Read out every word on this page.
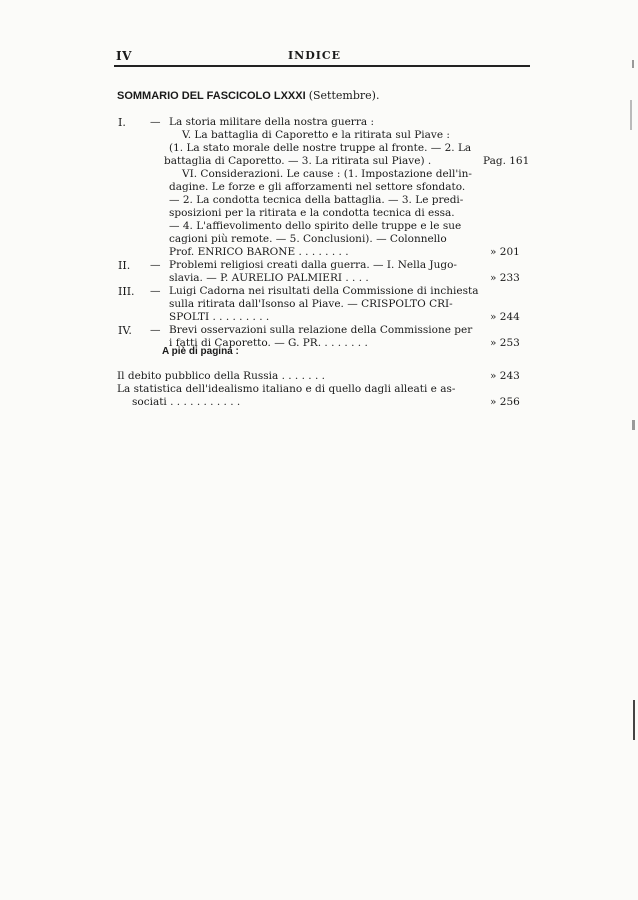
IV	INDICE
SOMMARIO DEL FASCICOLO LXXXI (Settembre).
I. — La storia militare della nostra guerra :
V. La battaglia di Caporetto e la ritirata sul Piave :
(1. La stato morale delle nostre truppe al fronte. — 2. La
battaglia di Caporetto. — 3. La ritirata sul Piave) .	Pag. 161
VI. Considerazioni. Le cause : (1. Impostazione dell'in-
dagine. Le forze e gli afforzamenti nel settore sfondato.
— 2. La condotta tecnica della battaglia. — 3. Le predi-
sposizioni per la ritirata e la condotta tecnica di essa.
— 4. L'affievolimento dello spirito delle truppe e le sue
cagioni più remote. — 5. Conclusioni). — Colonnello
Prof. ENRICO BARONE . . . . . . . .	» 201
II. — Problemi religiosi creati dalla guerra. — I. Nella Jugo-
slavia. — P. AURELIO PALMIERI . . . .	» 233
III. — Luigi Cadorna nei risultati della Commissione di inchiesta
sulla ritirata dall'Isonso al Piave. — CRISPOLTO CRI-
SPOLTI . . . . . . . . .	» 244
IV. — Brevi osservazioni sulla relazione della Commissione per
i fatti di Caporetto. — G. PR. . . . . . . .	» 253
A piè di pagina :
Il debito pubblico della Russia . . . . . . .	» 243
La statistica dell'idealismo italiano e di quello dagli alleati e as-
sociati . . . . . . . . . . .	» 256
